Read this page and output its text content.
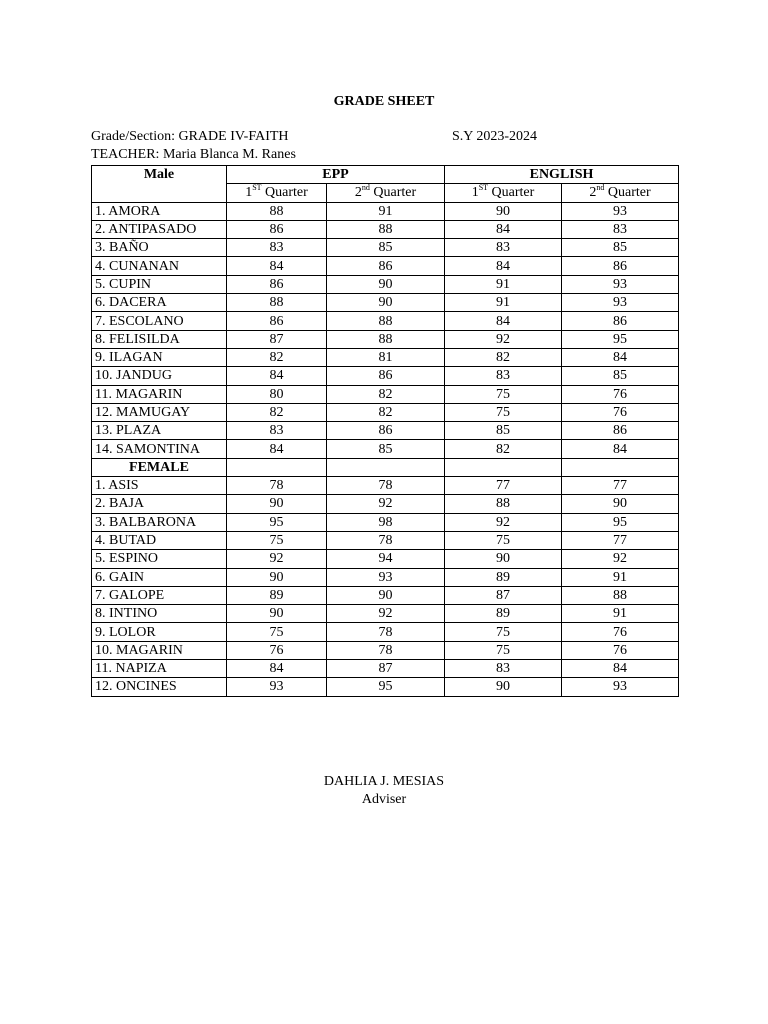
GRADE SHEET
Grade/Section: GRADE IV-FAITH	S.Y 2023-2024
TEACHER: Maria Blanca M. Ranes
Male	EPP		ENGLISH	
	1ST Quarter	2nd Quarter	1ST Quarter	2nd Quarter
1. AMORA	88	91	90	93
2. ANTIPASADO	86	88	84	83
3. BAÑO	83	85	83	85
4. CUNANAN	84	86	84	86
5. CUPIN	86	90	91	93
6. DACERA	88	90	91	93
7. ESCOLANO	86	88	84	86
8. FELISILDA	87	88	92	95
9. ILAGAN	82	81	82	84
10. JANDUG	84	86	83	85
11. MAGARIN	80	82	75	76
12. MAMUGAY	82	82	75	76
13. PLAZA	83	86	85	86
14. SAMONTINA	84	85	82	84
FEMALE				
1. ASIS	78	78	77	77
2. BAJA	90	92	88	90
3. BALBARONA	95	98	92	95
4. BUTAD	75	78	75	77
5. ESPINO	92	94	90	92
6. GAIN	90	93	89	91
7. GALOPE	89	90	87	88
8. INTINO	90	92	89	91
9. LOLOR	75	78	75	76
10. MAGARIN	76	78	75	76
11. NAPIZA	84	87	83	84
12. ONCINES	93	95	90	93
DAHLIA J. MESIAS
Adviser
